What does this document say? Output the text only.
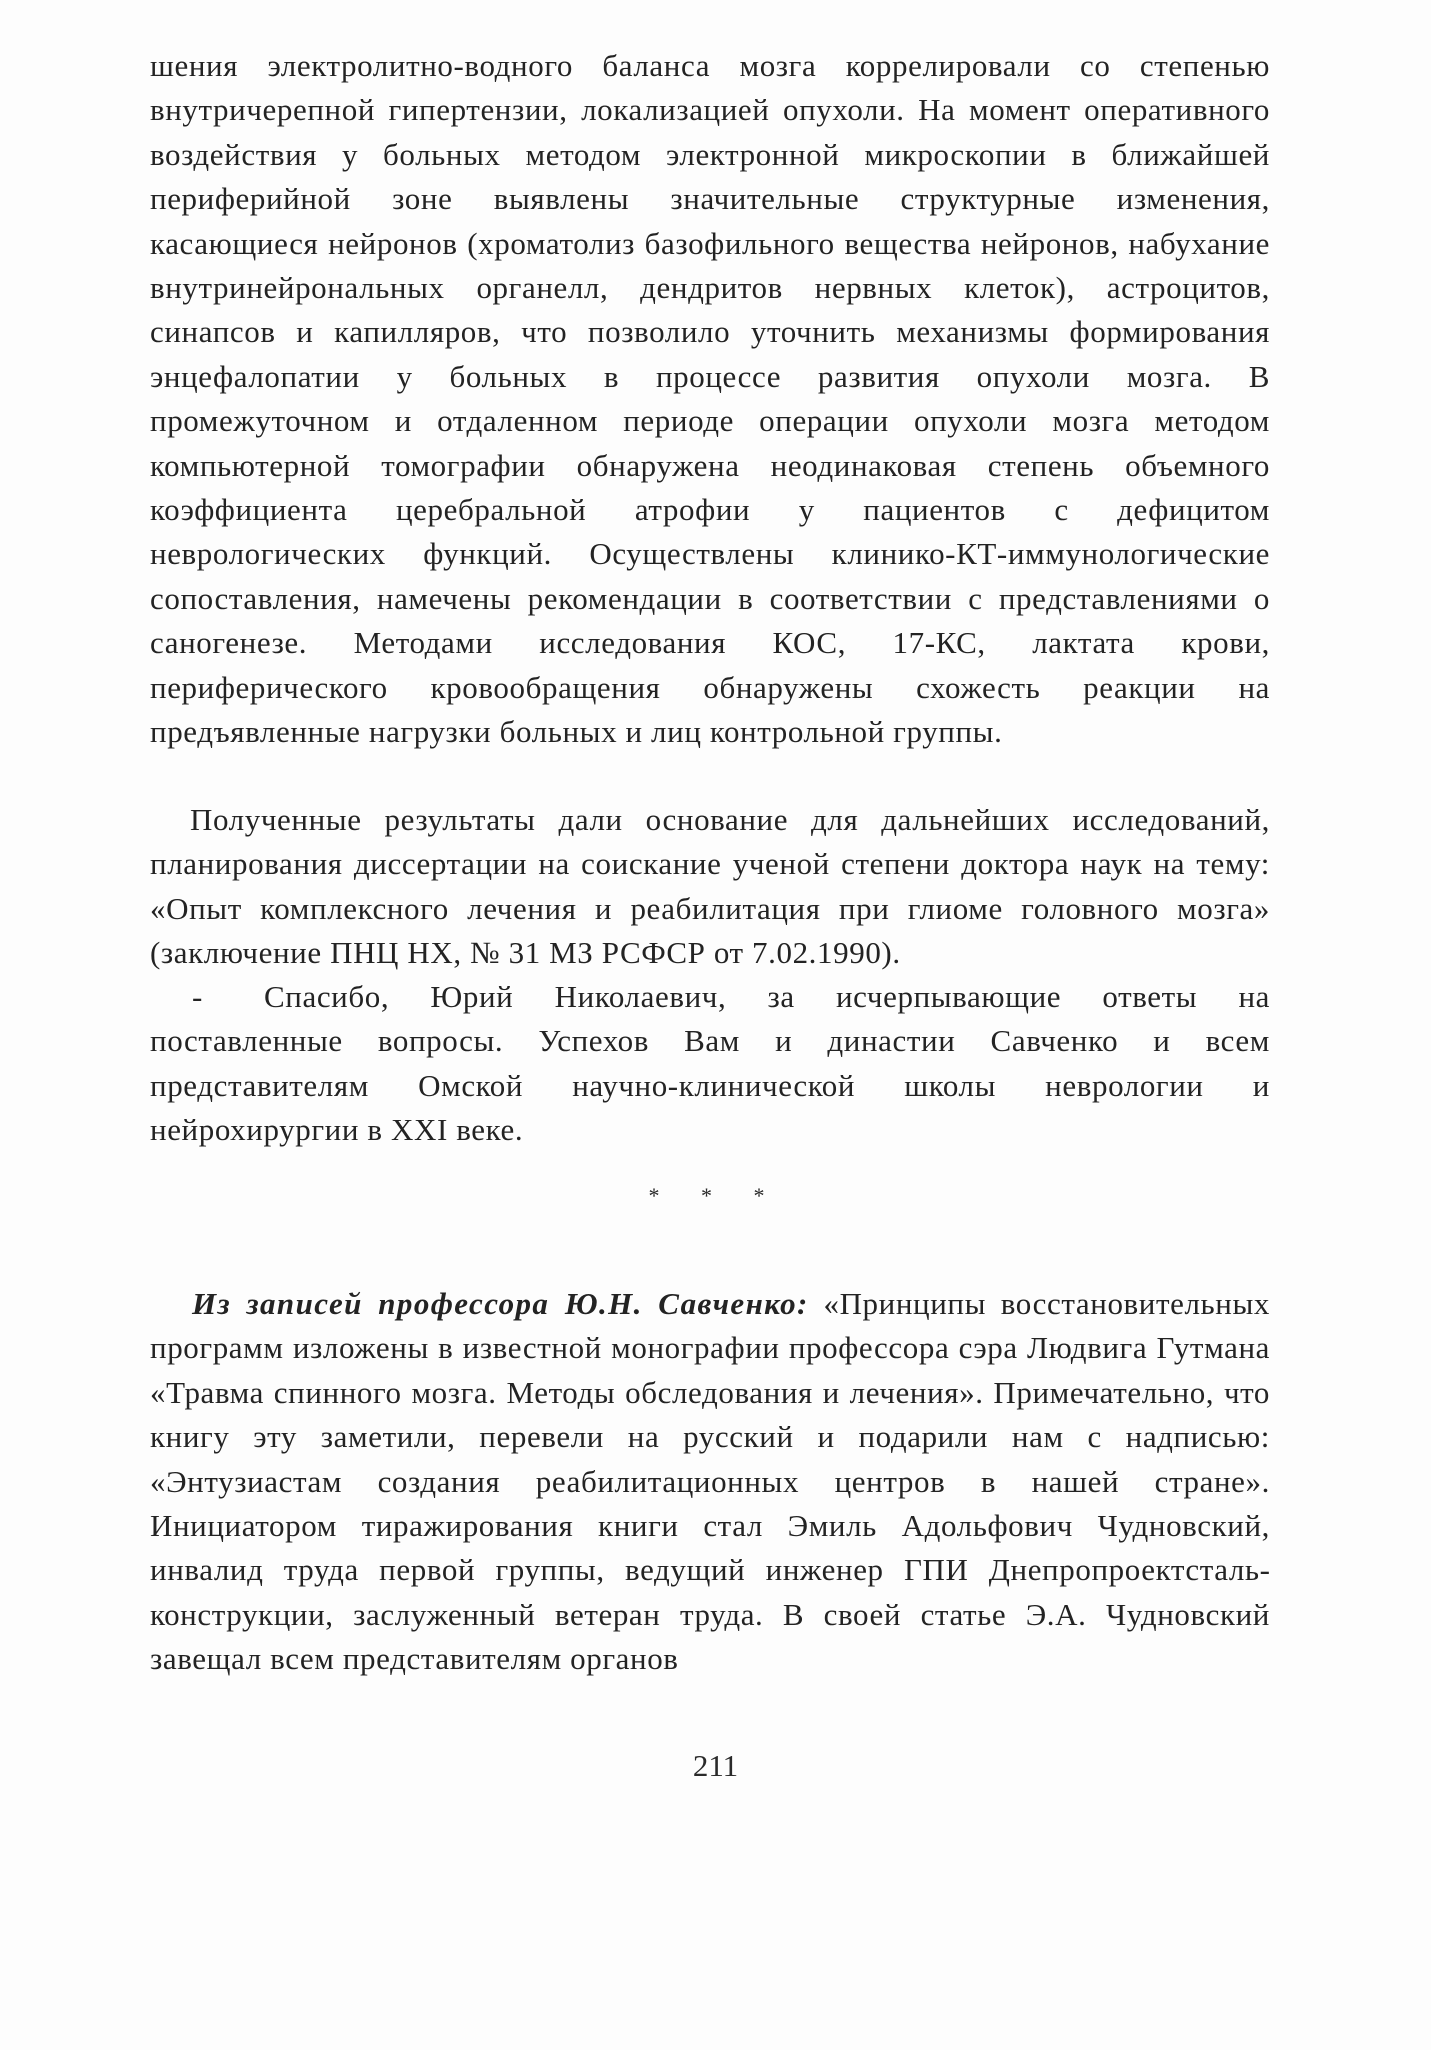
шения электролитно-водного баланса мозга коррелировали со степенью внутричерепной гипертензии, локализацией опухоли. На момент оперативного воздействия у больных методом электронной микроскопии в ближайшей периферийной зоне выявлены значительные структурные изменения, касающиеся нейронов (хроматолиз базофильного вещества нейронов, набухание внутринейрональных органелл, дендритов нервных клеток), астроцитов, синапсов и капилляров, что позволило уточнить механизмы формирования энцефалопатии у больных в процессе развития опухоли мозга. В промежуточном и отдаленном периоде операции опухоли мозга методом компьютерной томографии обнаружена неодинаковая степень объемного коэффициента церебральной атрофии у пациентов с дефицитом неврологических функций. Осуществлены клинико-КТ-иммунологические сопоставления, намечены рекомендации в соответствии с представлениями о саногенезе. Методами исследования КОС, 17-КС, лактата крови, периферического кровообращения обнаружены схожесть реакции на предъявленные нагрузки больных и лиц контрольной группы.

Полученные результаты дали основание для дальнейших исследований, планирования диссертации на соискание ученой степени доктора наук на тему: «Опыт комплексного лечения и реабилитация при глиоме головного мозга» (заключение ПНЦ НХ, № 31 МЗ РСФСР от 7.02.1990).

- Спасибо, Юрий Николаевич, за исчерпывающие ответы на поставленные вопросы. Успехов Вам и династии Савченко и всем представителям Омской научно-клинической школы неврологии и нейрохирургии в XXI веке.

* * *

Из записей профессора Ю.Н. Савченко: «Принципы восстановительных программ изложены в известной монографии профессора сэра Людвига Гутмана «Травма спинного мозга. Методы обследования и лечения». Примечательно, что книгу эту заметили, перевели на русский и подарили нам с надписью: «Энтузиастам создания реабилитационных центров в нашей стране». Инициатором тиражирования книги стал Эмиль Адольфович Чудновский, инвалид труда первой группы, ведущий инженер ГПИ Днепропроектстальконструкции, заслуженный ветеран труда. В своей статье Э.А. Чудновский завещал всем представителям органов

211
